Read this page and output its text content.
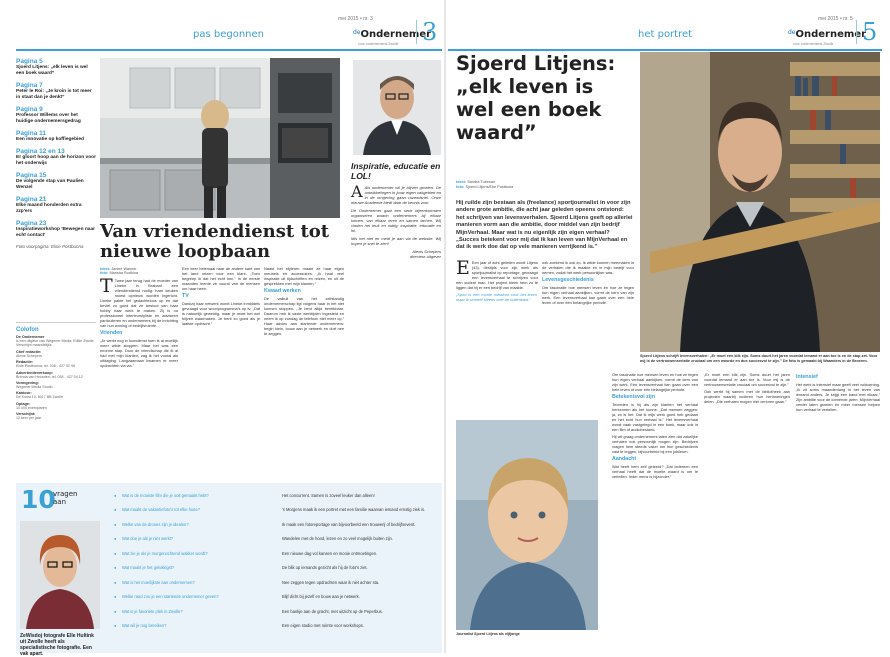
mei 2015 • nr. 3
pas begonnen	$^{de}$Ondernemer
voor ondernemend Zwolle 3
Pagina 5
Sjoerd Litjens: „elk leven is wel een boek waard”
Pagina 7
Peter le Roi: „Je kroin is tot meer in staat dan je denkt”
Pagina 9
Professor Willems over het huidige ondernemersgedrag
Pagina 11
Een innovatie op koffiegebied
Pagina 12 en 13
Er gloort hoop aan de horizon voor het onderwijs
Pagina 15
De volgende stap van Paulien Wenzel
Pagina 21
Elke maand honderden extra zzp'ers
Pagina 23
Inspiratieworkshop 'Bewegen naar echt contact'
Foto voorpagina: Elsie Postbunna
Colofon
De Ondernemer
is een uitgave van Wegener Media; Editie Zwolle. Verschijnt maandelijks.
Chef redactie:
Alexis Schepers
Redactie:
Elsie Postbunna; tel. 038 - 427 92 96
Advertentieverkoop:
Brenda van Heusden; tel. 038 - 427 04 12
Vormgeving:
Wegener Media Studio
Kantoor:
De Kunst 10, 8017 BB Zwolle
Oplage:
10.000 exemplaren
Verschijnt:
12 keer per jaar
Van vriendendienst tot nieuwe loopbaan
tekst: Janine Wanner
foto: Marisha Rodkina
T Twee jaar terug had de moeder van Lineke in Brabant een vriendendienst nodig: haar keuken moest opnieuw worden ingericht. Lineke pakte het gedachteloos op en dat beviel zo goed dat ze besloot van haar hobby haar werk te maken. Zij is nu professioneel interieurstyliste en adviseert particulieren en ondernemers bij de inrichting van hun woning of bedrijfsruimte.

Vrienden

„Je werkt nog in loondienst toen ik al moeilijk meer wilde stoppen. Maar het was een enorme stap. Door de vriendschap die ik al had met mijn klanten, zag ik het vooral als uitdaging. Langzaamaan kwamen er meer opdrachten via via.”

Een keer helemaal naar de andere kant van het land reizen voor een klant. „Toen begreep ik dat het echt kon.” In de eerste maanden leerde ze vooral van de mensen om haar heen.

TV

Dankzij haar netwerk wordt Lineke inmiddels gevraagd voor woonprogramma's op tv. „Dat is natuurlijk geweldig, maar je moet het wel blijven waarmaken. Je bent zo goed als je laatste opdracht.”

Naast het styleren maakt ze haar eigen meubels en accessoires. „Ik haal veel inspiratie uit tijdschriften en reizen, en uit de gesprekken met mijn klanten.”

Kwaad werken

De valkuil van het zelfstandig ondernemerschap ligt volgens haar in het niet kunnen stoppen. „Je bent altijd bereikbaar. Daarom heb ik vaste werktijden ingesteld en neem ik op zondag de telefoon niet meer op.” Haar advies aan startende ondernemers: begin klein, bouw aan je netwerk en durf nee te zeggen.

Inspiratie, educatie en LOL!

A Als ondernemer wil je blijven groeien. De ontwikkelingen in jouw eigen vakgebied en in de omgeving gaan razendsnel. Onze nieuwe Academie biedt daar de kennis voor.

De Ondernemer gaat een serie bijeenkomsten organiseren waarin ondernemers bij elkaar komen, van elkaar leren en samen lachen. Wij vinden het leuk en nuttig: inspiratie, educatie en lol.

Mis het niet en meld je aan via de website. Wij hopen je snel te zien!

Alexis Schepers
directeur-uitgever

10
vragen aan
● Wat is de mooiste film die je ooit gemaakt hebt?	Het concurrent. Samen is zoveel leuker dan alleen!
● Wat maakt de vakantiefoto's tot elke foute?	's Morgens maak ik een portret met een familie waarvan iemand ernstig ziek is.
● Welke van de drones zijn je idealen?	Ik maak een fotoreportage van bijvoorbeeld een trouwerij of bedrijfsevent.
● Wat doe je als je niet werkt?	Wandelen met de hond, lezen en zo veel mogelijk buiten zijn.
● Wat zie je als je morgenochtend wakker wordt?	Een nieuwe dag vol kansen en mooie ontmoetingen.
● Wat maakt je het gelukkigst?	De blik op iemands gezicht als hij de foto's ziet.
● Wat is het moeilijkste aan ondernemen?	Nee zeggen tegen opdrachten waar ik niet achter sta.
● Welke raad zou je een startende ondernemer geven?	Blijf dicht bij jezelf en bouw aan je netwerk.
● Wat is je favoriete plek in Zwolle?	Een bankje aan de gracht, met uitzicht op de Peperbus.
● Wat wil je nog bereiken?	Een eigen studio met ruimte voor workshops.
ZeWisdoj fotografe Elle Hultink uit Zwolle heeft als specialistische fotografie. Een vak apart.
mei 2015 • nr. 5
het portret	$^{de}$Ondernemer
voor ondernemend Zwolle 5
Sjoerd Litjens: „elk leven is wel een boek waard”
tekst: Sandra Tuinman
foto: Sjoerd Litjens/Eke Postbuna
Hij ruilde zijn bestaan als (freelance) sportjournalist in voor zijn andere grote ambitie, die acht jaar geleden opeens ontstond: het schrijven van levensverhalen. Sjoerd Litjens geeft op allerlei manieren vorm aan die ambitie, door middel van zijn bedrijf MijnVerhaal. Maar wat is nu eigenlijk zijn eigen verhaal? „Succes betekent voor mij dat ik kan leven van MijnVerhaal en dat ik werk doe dat op vele manieren verrijkend is.”
Sjoerd Litjens schrijft levensverhalen: „Er moet een klik zijn. Soms duurt het jaren voordat iemand er aan toe is en de stap zet. Voor mij is de vertrouwensrelatie cruciaal om een woorde en dus succesvol te zijn.” De foto is gemaakt bij Waanders in de Broeren.
E Een jaar of acht geleden wordt Litjens (43), destijds voor zijn werk als sportjournalist op reportage, gevraagd een levensverhaal te schrijven voor een oudere man. Het project bleek hem zo te liggen dat hij er een bedrijf van maakte.

„Sport is een mooie metafoor voor het leven, maar ik schreef steeds over de buitenkant.”

ook zoekend ik ook zo. Ik wilde kunnen meemaken in de verhalen die ik maakte en in mijn bedrijf voor nemen, zodat het werk persoonlijker was.

Levensgeschiedenis

Om fascinatie hoe mensen leven en hoe ze tegen hun eigen verhaal aankijken, vormt de kern van zijn werk. Een levensverhaal kan gaan over een hele leven of over één belangrijke periode.

Journalist Sjoerd Litjens als vijfjarige

Om fascinatie hoe mensen leven en hoe ze tegen hun eigen verhaal aankijken, vormt de kern van zijn werk. Een levensverhaal kan gaan over een hele leven of over één belangrijke periode.

Betekenisvol zijn

Tevreden is hij als zijn klanten het verhaal herkennen als het hunne. „Dat mensen zeggen: ja, zo is het. Dat ik mijn werk goed heb gedaan en het echt hun verhaal is.” Het levensverhaal wordt vaak vastgelegd in een boek, maar ook in een film of audiobestand.

Hij wil graag ondernemers laten zien dat zakelijke verhalen ook persoonlijk mogen zijn. Bedrijven vragen hem steeds vaker om hun geschiedenis vast te leggen, bijvoorbeeld bij een jubileum.

Aandacht

Wat heeft hem zelf geleerd? „Dat iedereen een verhaal heeft dat de moeite waard is om te vertellen. Ieder mens is bijzonder.”

„Er moet een klik zijn. Soms duurt het jaren voordat iemand er aan toe is. Voor mij is de vertrouwensrelatie cruciaal om succesvol te zijn.”

Ook werkt hij samen met de bibliotheek aan projecten waarbij ouderen hun herinneringen delen. „Die verhalen mogen niet verloren gaan.”

Intensief

Het werk is intensief maar geeft veel voldoening. „Ik zit soms maandenlang in het leven van iemand anders. Je krijgt een band met elkaar.” Zijn ambitie voor de komende jaren: MijnVerhaal verder laten groeien en meer mensen helpen hun verhaal te vertellen.
